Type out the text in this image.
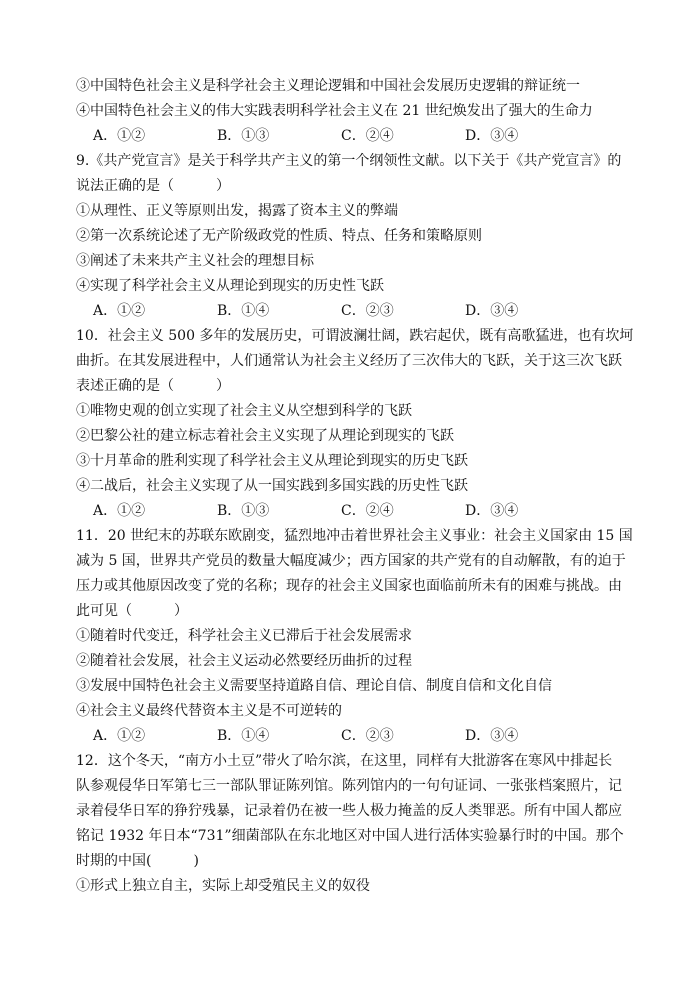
③中国特色社会主义是科学社会主义理论逻辑和中国社会发展历史逻辑的辩证统一
④中国特色社会主义的伟大实践表明科学社会主义在 21 世纪焕发出了强大的生命力
A．①②	B．①③	C．②④	D．③④
9.《共产党宣言》是关于科学共产主义的第一个纲领性文献。以下关于《共产党宣言》的
说法正确的是（　　　）
①从理性、正义等原则出发，揭露了资本主义的弊端
②第一次系统论述了无产阶级政党的性质、特点、任务和策略原则
③阐述了未来共产主义社会的理想目标
④实现了科学社会主义从理论到现实的历史性飞跃
A．①②	B．①④	C．②③	D．③④
10．社会主义 500 多年的发展历史，可谓波澜壮阔，跌宕起伏，既有高歌猛进，也有坎坷
曲折。在其发展进程中，人们通常认为社会主义经历了三次伟大的飞跃，关于这三次飞跃
表述正确的是（　　　）
①唯物史观的创立实现了社会主义从空想到科学的飞跃
②巴黎公社的建立标志着社会主义实现了从理论到现实的飞跃
③十月革命的胜利实现了科学社会主义从理论到现实的历史飞跃
④二战后，社会主义实现了从一国实践到多国实践的历史性飞跃
A．①②	B．①③	C．②④	D．③④
11．20 世纪末的苏联东欧剧变，猛烈地冲击着世界社会主义事业：社会主义国家由 15 国
减为 5 国，世界共产党员的数量大幅度减少；西方国家的共产党有的自动解散，有的迫于
压力或其他原因改变了党的名称；现存的社会主义国家也面临前所未有的困难与挑战。由
此可见（　　　）
①随着时代变迁，科学社会主义已滞后于社会发展需求
②随着社会发展，社会主义运动必然要经历曲折的过程
③发展中国特色社会主义需要坚持道路自信、理论自信、制度自信和文化自信
④社会主义最终代替资本主义是不可逆转的
A．①②	B．①④	C．②③	D．③④
12．这个冬天，“南方小土豆”带火了哈尔滨，在这里，同样有大批游客在寒风中排起长
队参观侵华日军第七三一部队罪证陈列馆。陈列馆内的一句句证词、一张张档案照片，记
录着侵华日军的狰狞残暴，记录着仍在被一些人极力掩盖的反人类罪恶。所有中国人都应
铭记 1932 年日本“731”细菌部队在东北地区对中国人进行活体实验暴行时的中国。那个
时期的中国(　　　)
①形式上独立自主，实际上却受殖民主义的奴役
